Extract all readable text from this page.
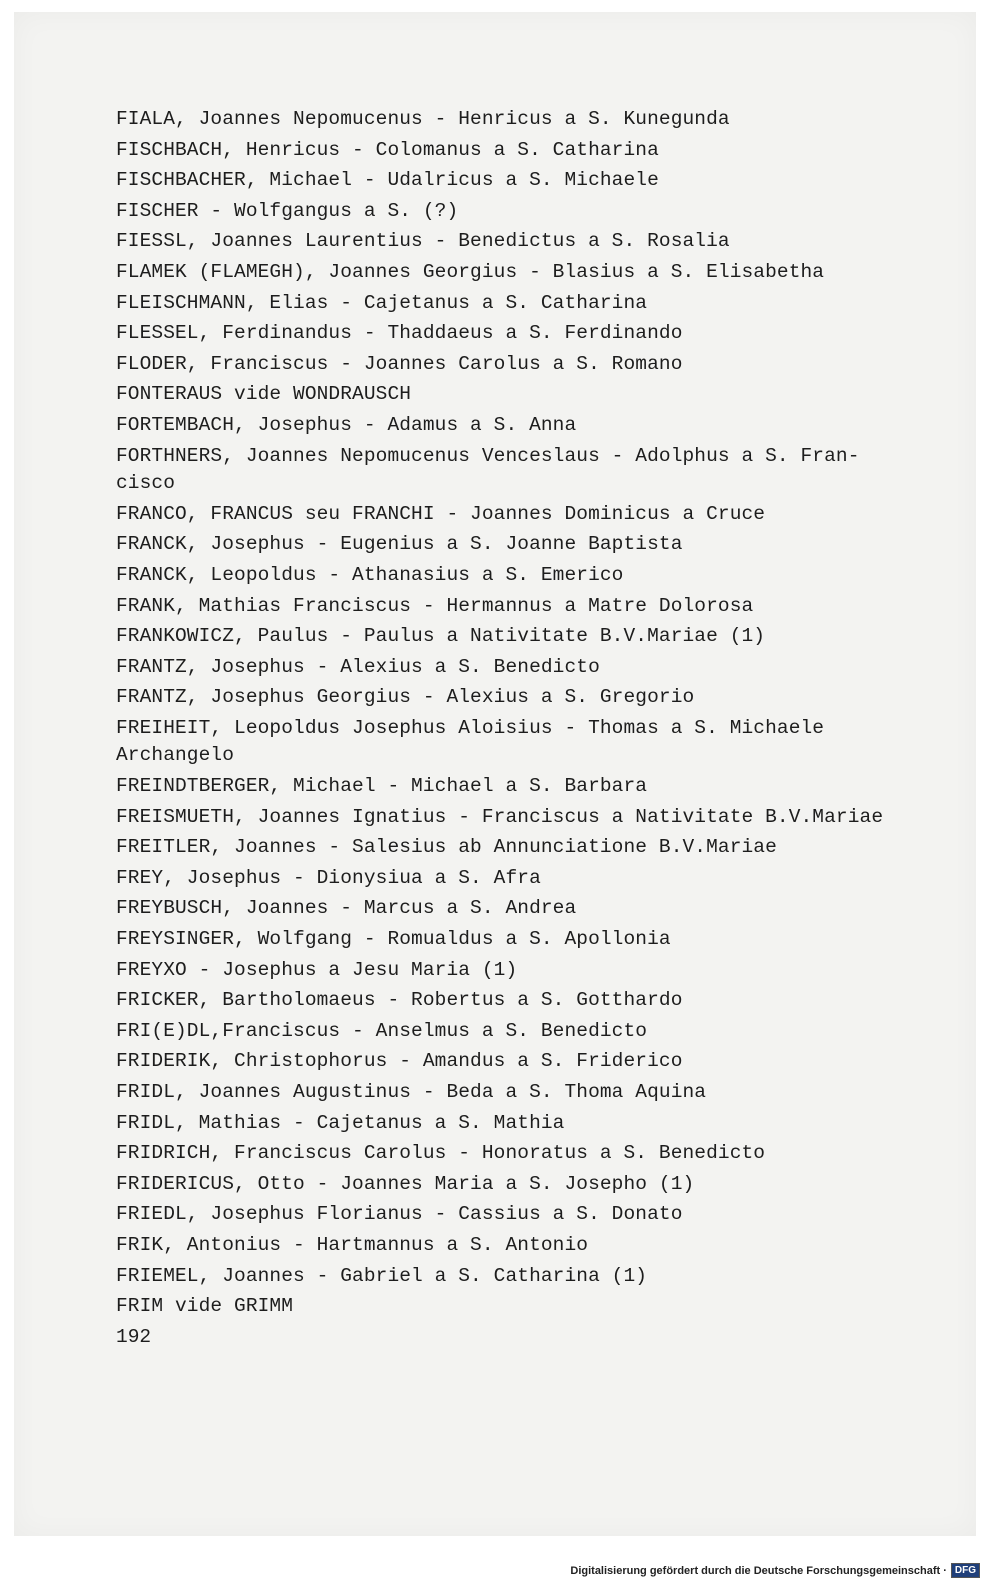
FIALA, Joannes Nepomucenus - Henricus a S. Kunegunda
FISCHBACH, Henricus - Colomanus a S. Catharina
FISCHBACHER, Michael - Udalricus a S. Michaele
FISCHER - Wolfgangus a S. (?)
FIESSL, Joannes Laurentius - Benedictus a S. Rosalia
FLAMEK (FLAMEGH), Joannes Georgius - Blasius a S. Elisabetha
FLEISCHMANN, Elias - Cajetanus a S. Catharina
FLESSEL, Ferdinandus - Thaddaeus a S. Ferdinando
FLODER, Franciscus - Joannes Carolus a S. Romano
FONTERAUS vide WONDRAUSCH
FORTEMBACH, Josephus - Adamus a S. Anna
FORTHNERS, Joannes Nepomucenus Venceslaus - Adolphus a S. Fran-
cisco
FRANCO, FRANCUS seu FRANCHI - Joannes Dominicus a Cruce
FRANCK, Josephus - Eugenius a S. Joanne Baptista
FRANCK, Leopoldus - Athanasius a S. Emerico
FRANK, Mathias Franciscus - Hermannus a Matre Dolorosa
FRANKOWICZ, Paulus - Paulus a Nativitate B.V.Mariae (1)
FRANTZ, Josephus - Alexius a S. Benedicto
FRANTZ, Josephus Georgius - Alexius a S. Gregorio
FREIHEIT, Leopoldus Josephus Aloisius - Thomas a S. Michaele
Archangelo
FREINDTBERGER, Michael - Michael a S. Barbara
FREISMUETH, Joannes Ignatius - Franciscus a Nativitate B.V.Mariae
FREITLER, Joannes - Salesius ab Annunciatione B.V.Mariae
FREY, Josephus - Dionysiua a S. Afra
FREYBUSCH, Joannes - Marcus a S. Andrea
FREYSINGER, Wolfgang - Romualdus a S. Apollonia
FREYXO - Josephus a Jesu Maria (1)
FRICKER, Bartholomaeus - Robertus a S. Gotthardo
FRI(E)DL,Franciscus - Anselmus a S. Benedicto
FRIDERIK, Christophorus - Amandus a S. Friderico
FRIDL, Joannes Augustinus - Beda a S. Thoma Aquina
FRIDL, Mathias - Cajetanus a S. Mathia
FRIDRICH, Franciscus Carolus - Honoratus a S. Benedicto
FRIDERICUS, Otto - Joannes Maria a S. Josepho (1)
FRIEDL, Josephus Florianus - Cassius a S. Donato
FRIK, Antonius - Hartmannus a S. Antonio
FRIEMEL, Joannes - Gabriel a S. Catharina (1)
FRIM vide GRIMM
192
Digitalisierung gefördert durch die Deutsche Forschungsgemeinschaft · DFG
